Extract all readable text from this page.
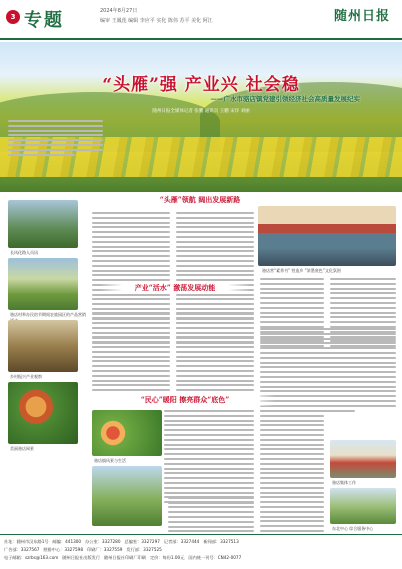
3 专题	2024年8月27日
编审 王鳳莲 编辑 李应平 实化 陈伟 苏平 美化 阿江	随州日报
“头雁”强 产业兴 社会稳
——广水市骆店镇党建引领经济社会高质量发展纪实
随州日报全媒体记者 张鹏 通讯员 王鹏 宋洋 刘丽
“头雁”领航 阔出发展新路
长风化路人员讯
骆店村举办民宿节期间农旅园区的产品营销
乡村振兴产业观察
美丽骆店网景
骆店营“素养书” 营造乡 “浓墨底色”文化氛围
产业“活水” 激荡发展动能
“民心”暖阳 擦亮群众“底色”
骆店镇风景与生活
骆店集体工作
东北中心 综合服务中心
社址：随州市汉东路1号 邮编：441300 办公室：3327280 总编室：3327297 记者部：3327444 新闻部：3327513
广告部：3327567 照排中心：3327598 印刷厂：3327559 发行部：3327525
电子邮箱：szrbs@163.com 随州日报社出版发行 随州日报社印刷厂印刷 定价：每份1.00元 国内统一刊号：CN42-0077
